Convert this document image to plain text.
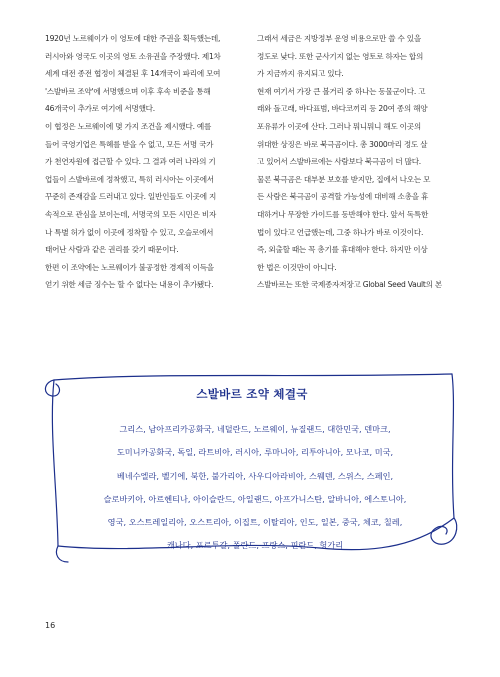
1920년 노르웨이가 이 영토에 대한 주권을 획득했는데,

러시아와 영국도 이곳의 영토 소유권을 주장했다. 제1차

세계 대전 종전 협정이 체결된 후 14개국이 파리에 모여

'스발바르 조약'에 서명했으며 이후 후속 비준을 통해

46개국이 추가로 여기에 서명했다.

이 협정은 노르웨이에 몇 가지 조건을 제시했다. 예를

들어 국영기업은 특혜를 받을 수 없고, 모든 서명 국가

가 천연자원에 접근할 수 있다. 그 결과 여러 나라의 기

업들이 스발바르에 정착했고, 특히 러시아는 이곳에서

꾸준히 존재감을 드러내고 있다. 일반인들도 이곳에 지

속적으로 관심을 보이는데, 서명국의 모든 시민은 비자

나 특별 허가 없이 이곳에 정착할 수 있고, 오슬로에서

태어난 사람과 같은 권리를 갖기 때문이다.

한편 이 조약에는 노르웨이가 불공정한 경제적 이득을

얻기 위한 세금 징수는 할 수 없다는 내용이 추가됐다.

그래서 세금은 지방정부 운영 비용으로만 쓸 수 있을

정도로 낮다. 또한 군사기지 없는 영토로 하자는 합의

가 지금까지 유지되고 있다.

현재 여기서 가장 큰 볼거리 중 하나는 동물군이다. 고

래와 돌고래, 바다표범, 바다코끼리 등 20여 종의 해양

포유류가 이곳에 산다. 그러나 뭐니뭐니 해도 이곳의

위대한 상징은 바로 북극곰이다. 총 3000마리 정도 살

고 있어서 스발바르에는 사람보다 북극곰이 더 많다.

물론 북극곰은 대부분 보호를 받지만, 집에서 나오는 모

든 사람은 북극곰이 공격할 가능성에 대비해 소총을 휴

대하거나 무장한 가이드를 동반해야 한다. 앞서 독특한

법이 있다고 언급했는데, 그중 하나가 바로 이것이다.

즉, 외출할 때는 꼭 총기를 휴대해야 한다. 하지만 이상

한 법은 이것만이 아니다.

스발바르는 또한 국제종자저장고 Global Seed Vault의 본

스발바르 조약 체결국
그리스, 남아프리카공화국, 네덜란드, 노르웨이, 뉴질랜드, 대한민국, 덴마크,
도미니카공화국, 독일, 라트비아, 러시아, 루마니아, 리투아니아, 모나코, 미국,
베네수엘라, 벨기에, 북한, 불가리아, 사우디아라비아, 스웨덴, 스위스, 스페인,
슬로바키아, 아르헨티나, 아이슬란드, 아일랜드, 아프가니스탄, 알바니아, 에스토니아,
영국, 오스트레일리아, 오스트리아, 이집트, 이탈리아, 인도, 일본, 중국, 체코, 칠레,
캐나다, 포르투갈, 폴란드, 프랑스, 핀란드, 헝가리
16
